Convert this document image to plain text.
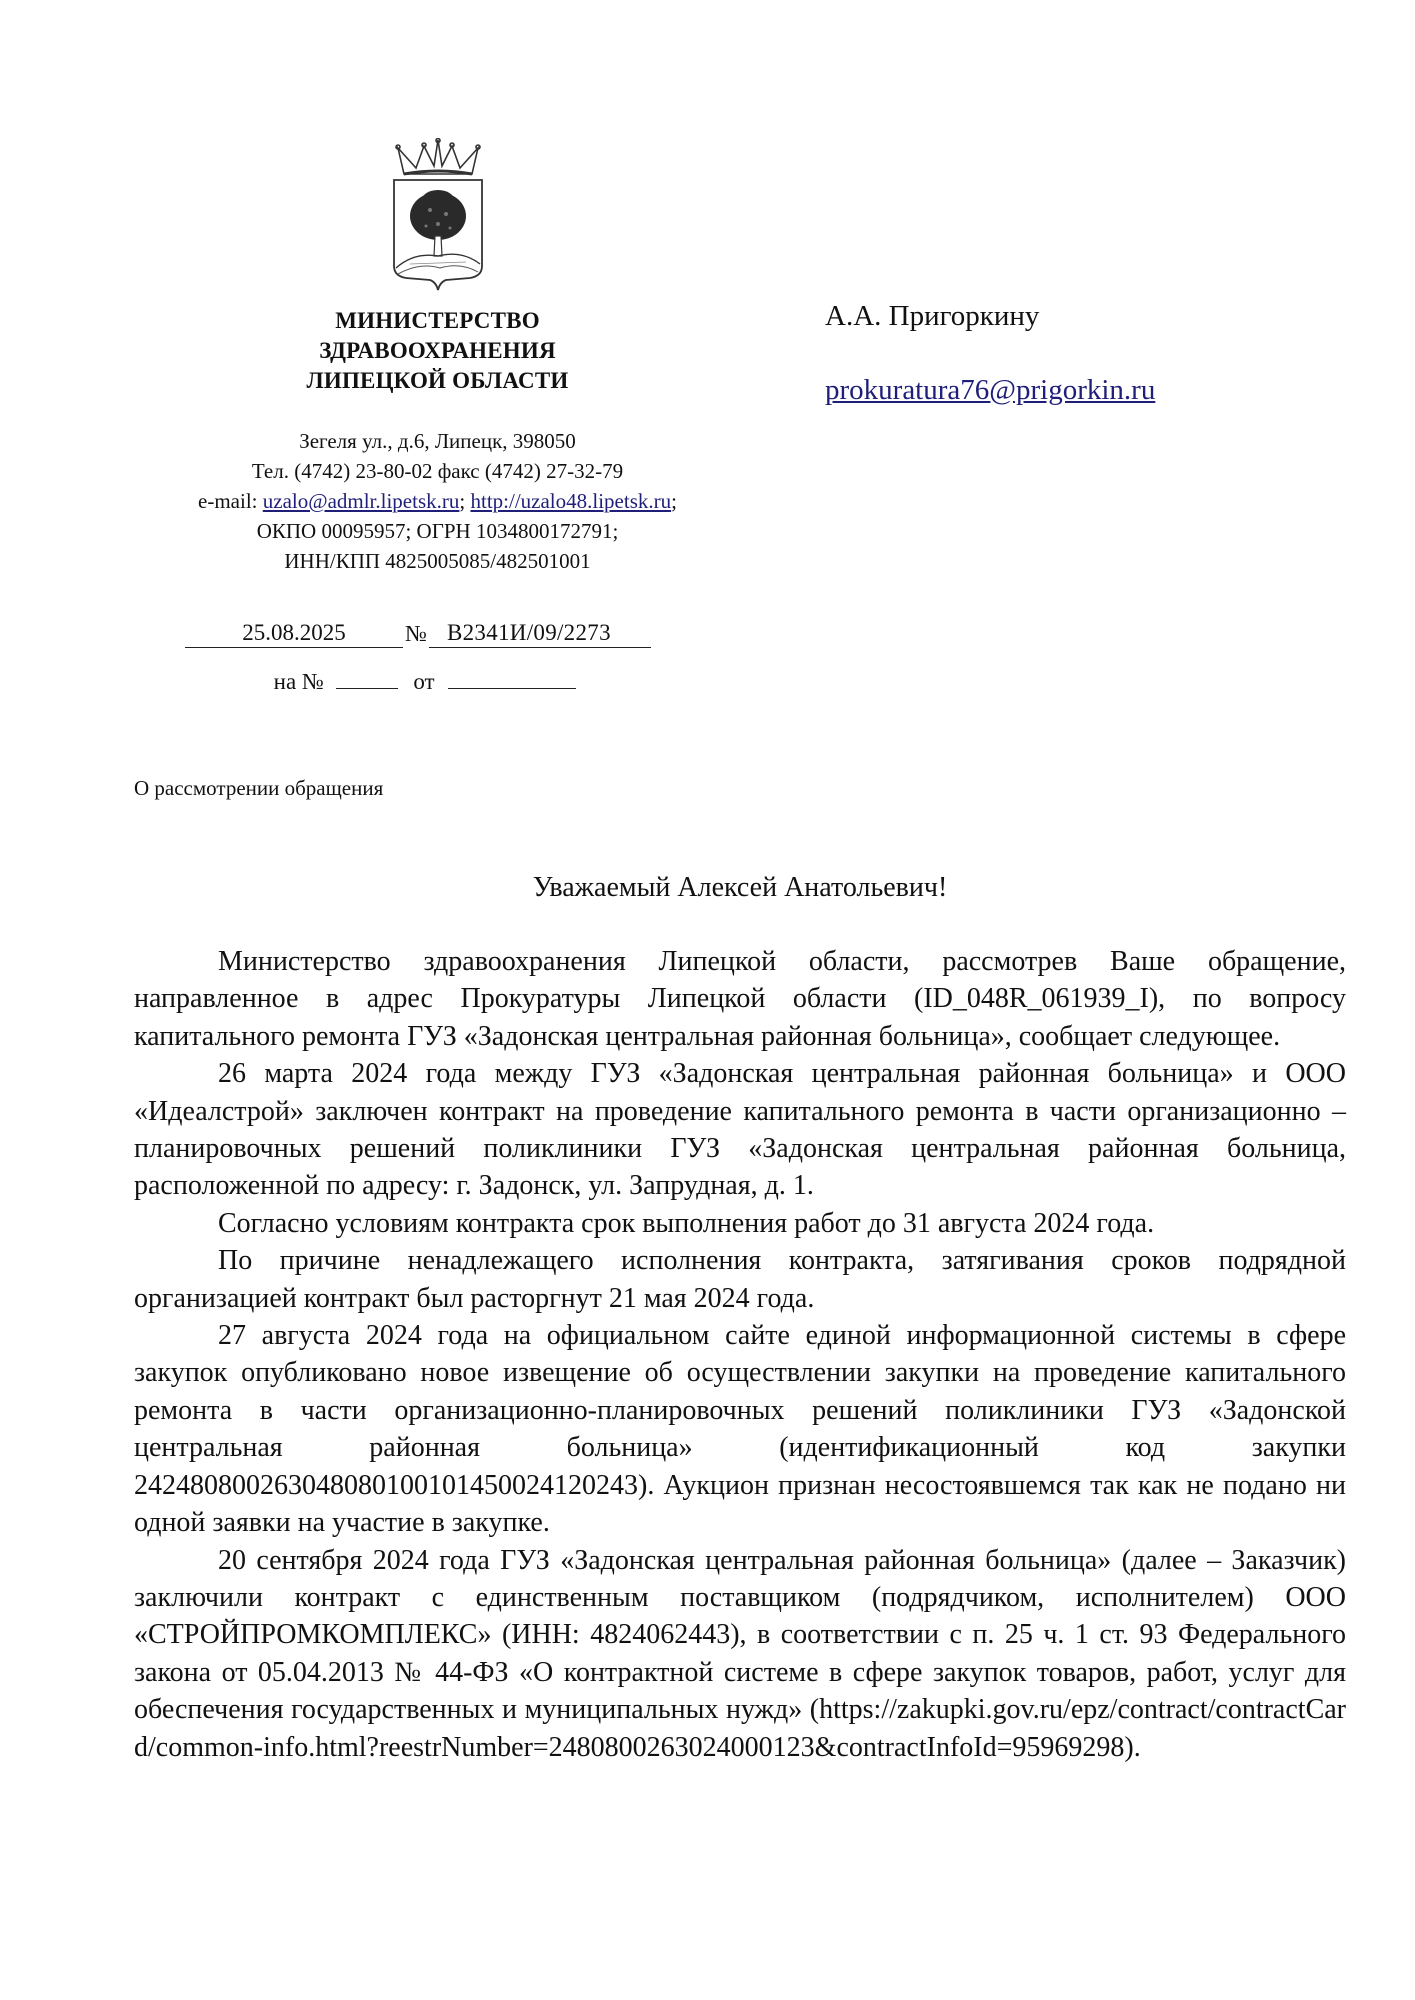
МИНИСТЕРСТВО
ЗДРАВООХРАНЕНИЯ
ЛИПЕЦКОЙ ОБЛАСТИ
Зегеля ул., д.6, Липецк, 398050
Тел. (4742) 23-80-02 факс (4742) 27-32-79
e-mail: uzalo@admlr.lipetsk.ru; http://uzalo48.lipetsk.ru;
ОКПО 00095957; ОГРН 1034800172791;
ИНН/КПП 4825005085/482501001
25.08.2025	№ B2341И/09/2273
на №	от
А.А. Пригоркину
prokuratura76@prigorkin.ru
О рассмотрении обращения
Уважаемый Алексей Анатольевич!

Министерство здравоохранения Липецкой области, рассмотрев Ваше обращение, направленное в адрес Прокуратуры Липецкой области (ID_048R_061939_I), по вопросу капитального ремонта ГУЗ «Задонская центральная районная больница», сообщает следующее.

26 марта 2024 года между ГУЗ «Задонская центральная районная больница» и ООО «Идеалстрой» заключен контракт на проведение капитального ремонта в части организационно – планировочных решений поликлиники ГУЗ «Задонская центральная районная больница, расположенной по адресу: г. Задонск, ул. Запрудная, д. 1.

Согласно условиям контракта срок выполнения работ до 31 августа 2024 года.

По причине ненадлежащего исполнения контракта, затягивания сроков подрядной организацией контракт был расторгнут 21 мая 2024 года.

27 августа 2024 года на официальном сайте единой информационной системы в сфере закупок опубликовано новое извещение об осуществлении закупки на проведение капитального ремонта в части организационно-планировочных решений поликлиники ГУЗ «Задонской центральная районная больница» (идентификационный код закупки 242480800263048080100101450024120243). Аукцион признан несостоявшемся так как не подано ни одной заявки на участие в закупке.

20 сентября 2024 года ГУЗ «Задонская центральная районная больница» (далее – Заказчик) заключили контракт с единственным поставщиком (подрядчиком, исполнителем) ООО «СТРОЙПРОМКОМПЛЕКС» (ИНН: 4824062443), в соответствии с п. 25 ч. 1 ст. 93 Федерального закона от 05.04.2013 № 44-ФЗ «О контрактной системе в сфере закупок товаров, работ, услуг для обеспечения государственных и муниципальных нужд» (https://zakupki.gov.ru/epz/contract/contractCard/common-info.html?reestrNumber=2480800263024000123&contractInfoId=95969298).
